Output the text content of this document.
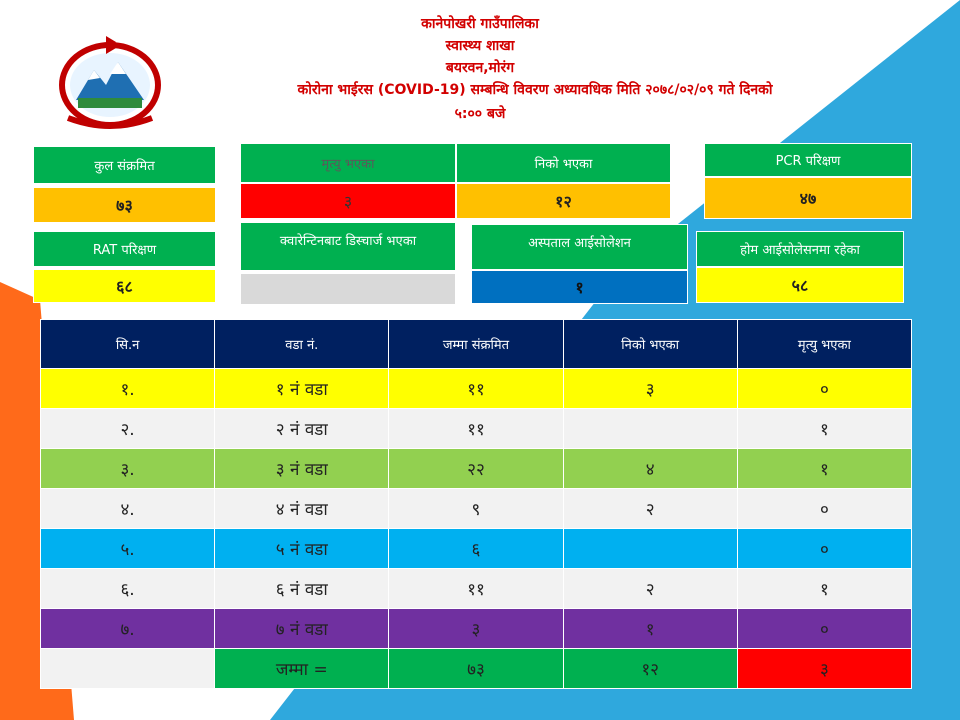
कानेपोखरी गाउँपालिका
स्वास्थ्य शाखा
बयरवन,मोरंग
कोरोना भाईरस (COVID-19) सम्बन्धि विवरण अध्यावधिक मिति २०७८/०२/०९ गते दिनको
५:०० बजे
कुल संक्रमित
७३
RAT परिक्षण
६८
मृत्यु भएका	निको भएका
३	१२
PCR परिक्षण
४७
क्वारेन्टिनबाट डिस्चार्ज भएका	अस्पताल आईसोलेशन
१
होम आईसोलेसनमा रहेका
५८
सि.न	वडा नं.	जम्मा संक्रमित	निको भएका	मृत्यु भएका
१.	१ नं वडा	११	३	०
२.	२ नं वडा	११		१
३.	३ नं वडा	२२	४	१
४.	४ नं वडा	९	२	०
५.	५ नं वडा	६		०
६.	६ नं वडा	११	२	१
७.	७ नं वडा	३	१	०
	जम्मा =	७३	१२	३
